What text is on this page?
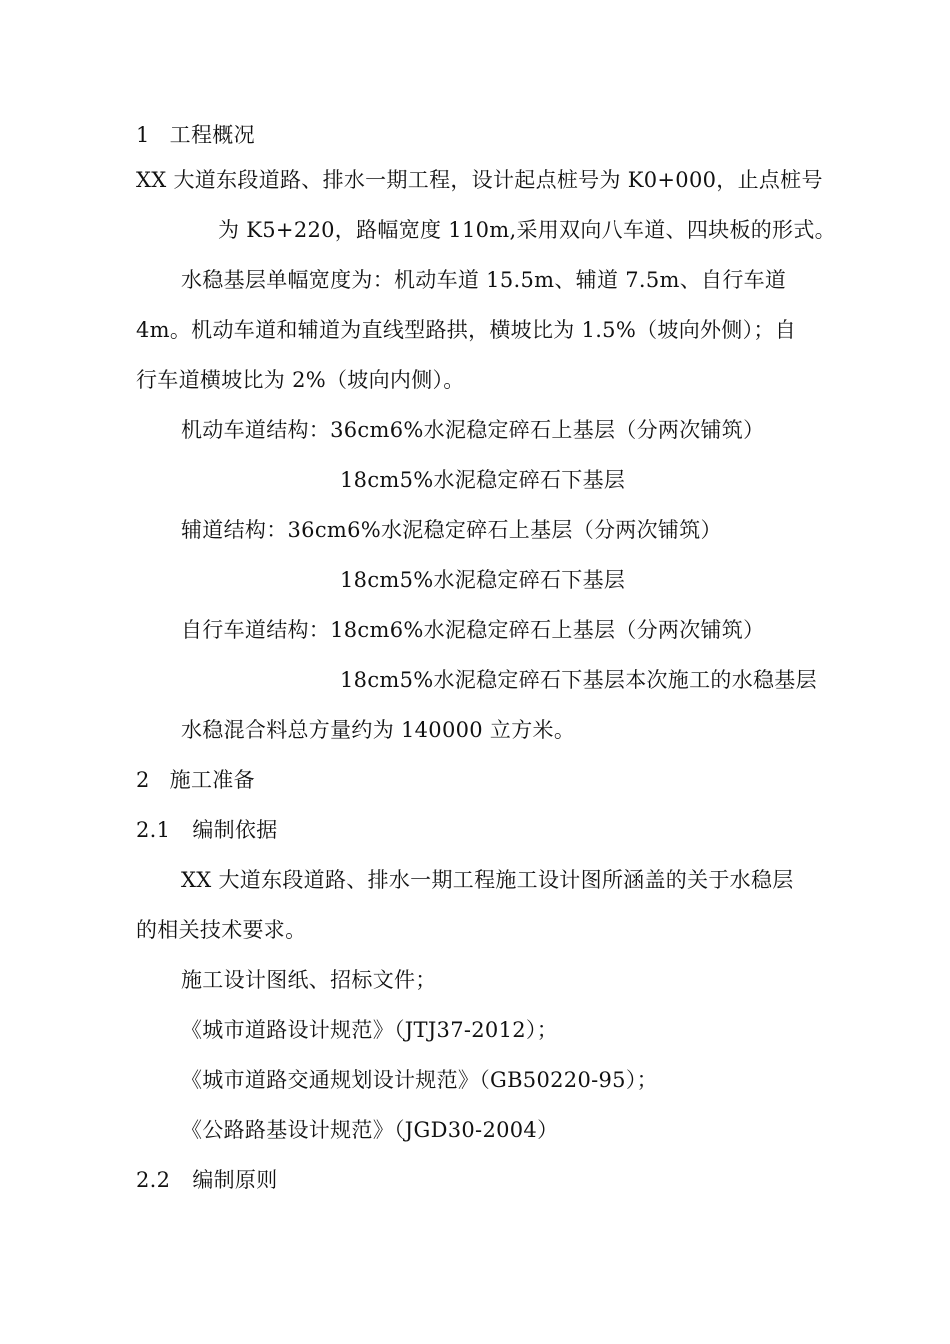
1 工程概况
XX 大道东段道路、排水一期工程，设计起点桩号为 K0+000，止点桩号
为 K5+220，路幅宽度 110m,采用双向八车道、四块板的形式。
水稳基层单幅宽度为：机动车道 15.5m、辅道 7.5m、自行车道
4m。机动车道和辅道为直线型路拱，横坡比为 1.5%（坡向外侧）；自
行车道横坡比为 2%（坡向内侧）。
机动车道结构：36cm6%水泥稳定碎石上基层（分两次铺筑）
18cm5%水泥稳定碎石下基层
辅道结构：36cm6%水泥稳定碎石上基层（分两次铺筑）
18cm5%水泥稳定碎石下基层
自行车道结构：18cm6%水泥稳定碎石上基层（分两次铺筑）
18cm5%水泥稳定碎石下基层本次施工的水稳基层
水稳混合料总方量约为 140000 立方米。
2 施工准备
2.1 编制依据
XX 大道东段道路、排水一期工程施工设计图所涵盖的关于水稳层
的相关技术要求。
施工设计图纸、招标文件；
《城市道路设计规范》（JTJ37-2012）；
《城市道路交通规划设计规范》（GB50220-95）；
《公路路基设计规范》（JGD30-2004）
2.2 编制原则
